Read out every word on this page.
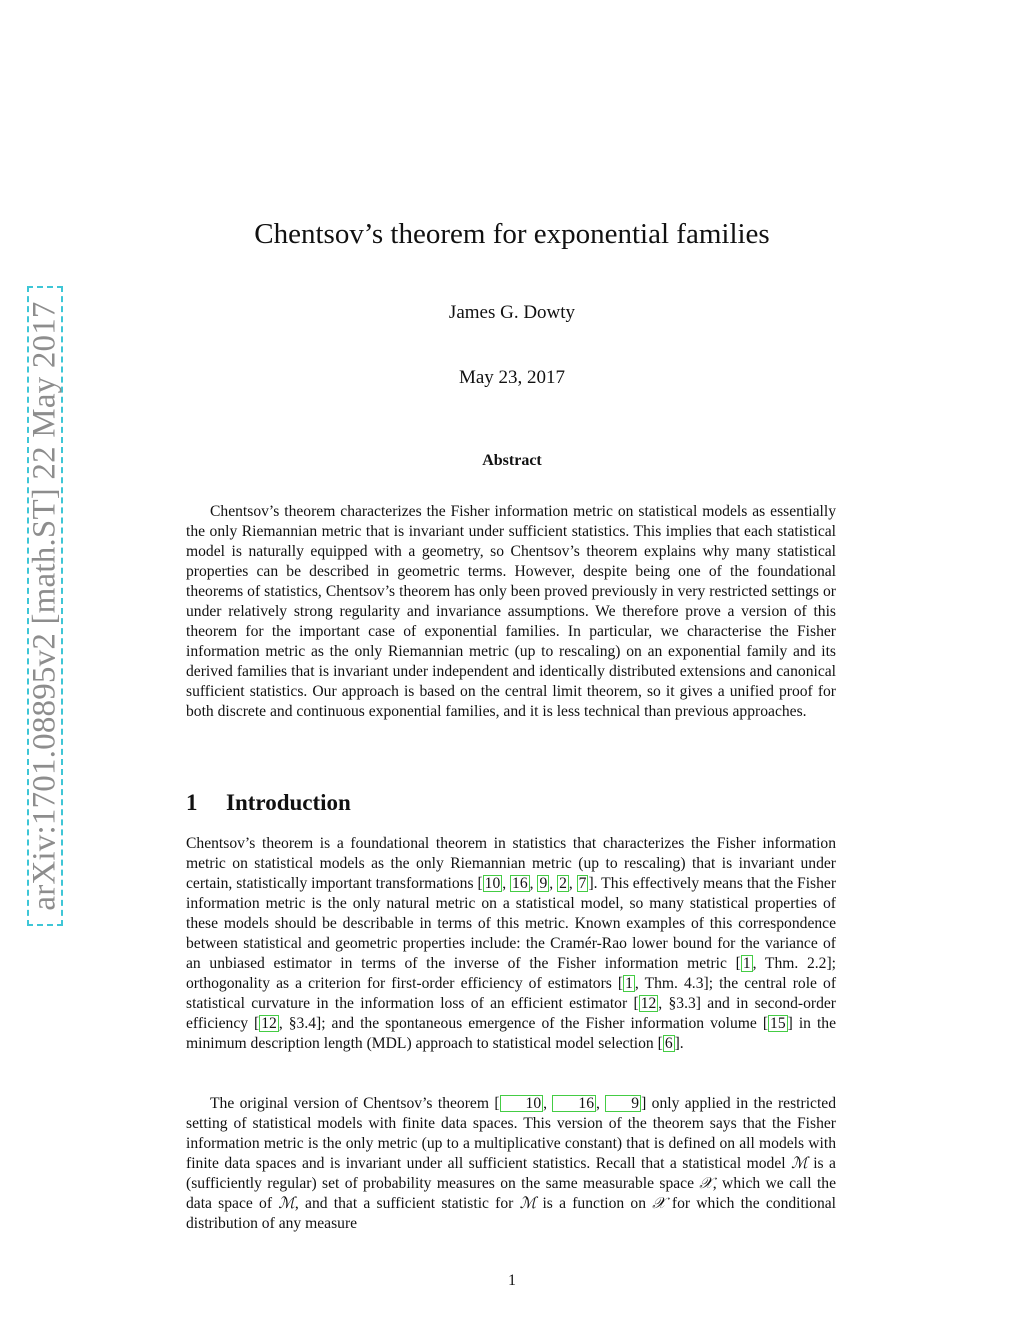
arXiv:1701.08895v2 [math.ST] 22 May 2017
Chentsov’s theorem for exponential families
James G. Dowty
May 23, 2017
Abstract
Chentsov’s theorem characterizes the Fisher information metric on statistical models as essentially the only Riemannian metric that is invariant under sufficient statistics. This implies that each statistical model is naturally equipped with a geometry, so Chentsov’s theorem explains why many statistical properties can be described in geometric terms. However, despite being one of the foundational theorems of statistics, Chentsov’s theorem has only been proved previously in very restricted settings or under relatively strong regularity and invariance assumptions. We therefore prove a version of this theorem for the important case of exponential families. In particular, we characterise the Fisher information metric as the only Riemannian metric (up to rescaling) on an exponential family and its derived families that is invariant under independent and identically distributed extensions and canonical sufficient statistics. Our approach is based on the central limit theorem, so it gives a unified proof for both discrete and continuous exponential families, and it is less technical than previous approaches.
1 Introduction
Chentsov’s theorem is a foundational theorem in statistics that characterizes the Fisher information metric on statistical models as the only Riemannian metric (up to rescaling) that is invariant under certain, statistically important transformations [ 10 , 16 , 9 , 2 , 7 ]. This effectively means that the Fisher information metric is the only natural metric on a statistical model, so many statistical properties of these models should be describable in terms of this metric. Known examples of this correspondence between statistical and geometric properties include: the Cramér-Rao lower bound for the variance of an unbiased estimator in terms of the inverse of the Fisher information metric [ 1 , Thm. 2.2]; orthogonality as a criterion for first-order efficiency of estimators [ 1 , Thm. 4.3]; the central role of statistical curvature in the information loss of an efficient estimator [ 12 , §3.3] and in second-order efficiency [ 12 , §3.4]; and the spontaneous emergence of the Fisher information volume [ 15 ] in the minimum description length (MDL) approach to statistical model selection [ 6 ].
The original version of Chentsov’s theorem [ 10 , 16 , 9 ] only applied in the restricted setting of statistical models with finite data spaces. This version of the theorem says that the Fisher information metric is the only metric (up to a multiplicative constant) that is defined on all models with finite data spaces and is invariant under all sufficient statistics. Recall that a statistical model ℳ is a (sufficiently regular) set of probability measures on the same measurable space 𝒳, which we call the data space of ℳ, and that a sufficient statistic for ℳ is a function on 𝒳 for which the conditional distribution of any measure
1
